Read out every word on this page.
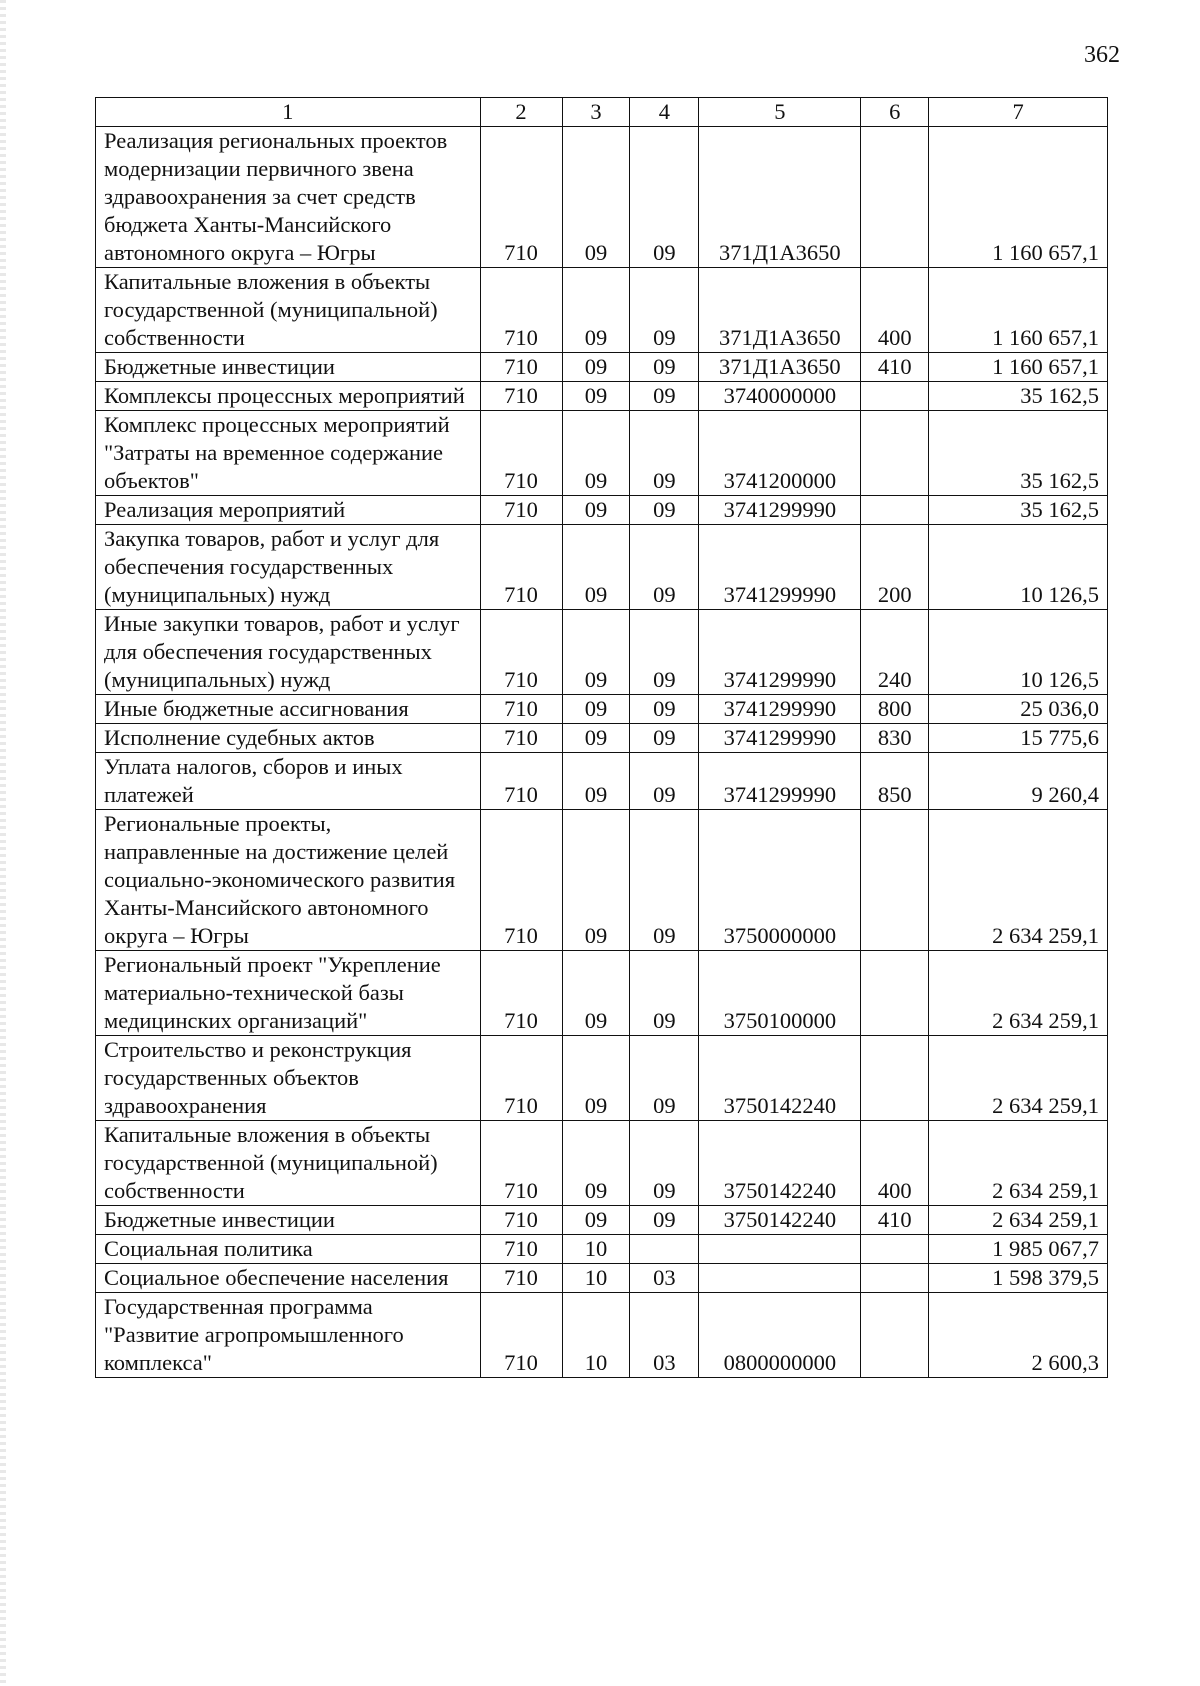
362
1	2	3	4	5	6	7
Реализация региональных проектов модернизации первичного звена здравоохранения за счет средств бюджета Ханты-Мансийского автономного округа – Югры	710	09	09	371Д1А3650		1 160 657,1
Капитальные вложения в объекты государственной (муниципальной) собственности	710	09	09	371Д1А3650	400	1 160 657,1
Бюджетные инвестиции	710	09	09	371Д1А3650	410	1 160 657,1
Комплексы процессных мероприятий	710	09	09	3740000000		35 162,5
Комплекс процессных мероприятий "Затраты на временное содержание объектов"	710	09	09	3741200000		35 162,5
Реализация мероприятий	710	09	09	3741299990		35 162,5
Закупка товаров, работ и услуг для обеспечения государственных (муниципальных) нужд	710	09	09	3741299990	200	10 126,5
Иные закупки товаров, работ и услуг для обеспечения государственных (муниципальных) нужд	710	09	09	3741299990	240	10 126,5
Иные бюджетные ассигнования	710	09	09	3741299990	800	25 036,0
Исполнение судебных актов	710	09	09	3741299990	830	15 775,6
Уплата налогов, сборов и иных платежей	710	09	09	3741299990	850	9 260,4
Региональные проекты, направленные на достижение целей социально-экономического развития Ханты-Мансийского автономного округа – Югры	710	09	09	3750000000		2 634 259,1
Региональный проект "Укрепление материально-технической базы медицинских организаций"	710	09	09	3750100000		2 634 259,1
Строительство и реконструкция государственных объектов здравоохранения	710	09	09	3750142240		2 634 259,1
Капитальные вложения в объекты государственной (муниципальной) собственности	710	09	09	3750142240	400	2 634 259,1
Бюджетные инвестиции	710	09	09	3750142240	410	2 634 259,1
Социальная политика	710	10				1 985 067,7
Социальное обеспечение населения	710	10	03			1 598 379,5
Государственная программа "Развитие агропромышленного комплекса"	710	10	03	0800000000		2 600,3
